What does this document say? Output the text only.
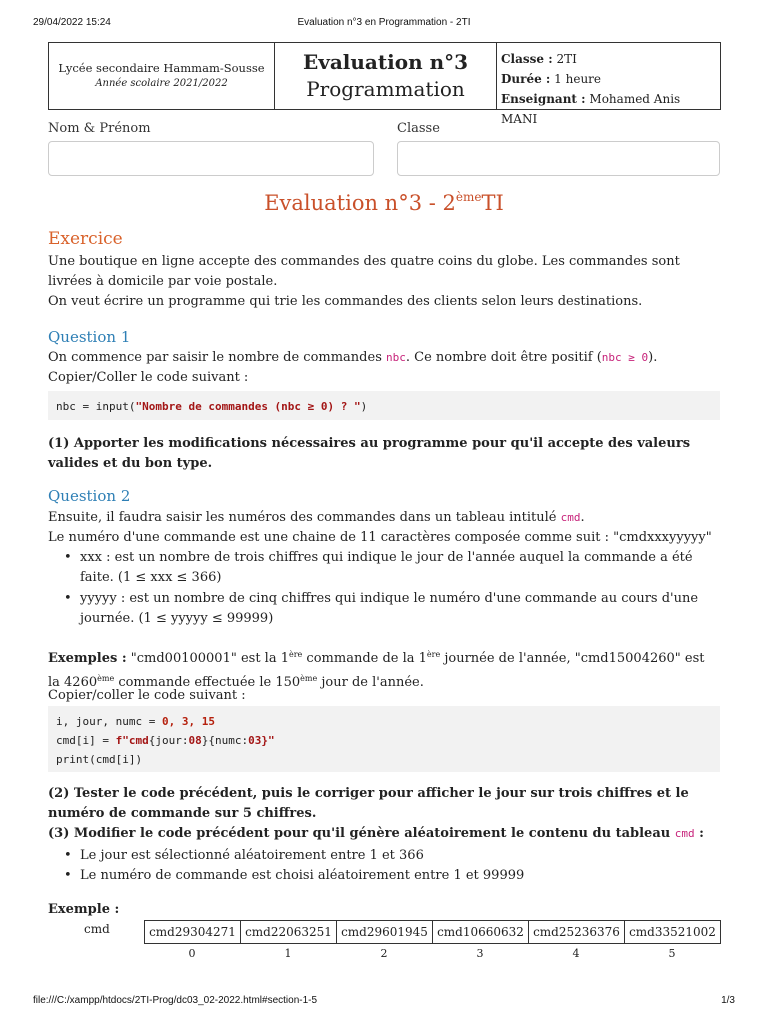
29/04/2022 15:24	Evaluation n°3 en Programmation - 2TI
Lycée secondaire Hammam-Sousse
Année scolaire 2021/2022
Evaluation n°3
Programmation
Classe : 2TI
Durée : 1 heure
Enseignant : Mohamed Anis MANI
Nom & Prénom	Classe
Evaluation n°3 - 2èmeTI
Exercice
Une boutique en ligne accepte des commandes des quatre coins du globe. Les commandes sont livrées à domicile par voie postale.
On veut écrire un programme qui trie les commandes des clients selon leurs destinations.
Question 1
On commence par saisir le nombre de commandes nbc. Ce nombre doit être positif (nbc ≥ 0).
Copier/Coller le code suivant :
nbc = input("Nombre de commandes (nbc ≥ 0) ? ")
(1) Apporter les modifications nécessaires au programme pour qu'il accepte des valeurs valides et du bon type.
Question 2
Ensuite, il faudra saisir les numéros des commandes dans un tableau intitulé cmd.
Le numéro d'une commande est une chaine de 11 caractères composée comme suit : "cmdxxxyyyyy"
• xxx : est un nombre de trois chiffres qui indique le jour de l'année auquel la commande a été faite. (1 ≤ xxx ≤ 366)
• yyyyy : est un nombre de cinq chiffres qui indique le numéro d'une commande au cours d'une journée. (1 ≤ yyyyy ≤ 99999)
Exemples : "cmd00100001" est la 1ère commande de la 1ère journée de l'année, "cmd15004260" est la 4260ème commande effectuée le 150ème jour de l'année.
Copier/coller le code suivant :
i, jour, numc = 0, 3, 15
cmd[i] = f"cmd{jour:08}{numc:03}"
print(cmd[i])
(2) Tester le code précédent, puis le corriger pour afficher le jour sur trois chiffres et le numéro de commande sur 5 chiffres.
(3) Modifier le code précédent pour qu'il génère aléatoirement le contenu du tableau cmd :
• Le jour est sélectionné aléatoirement entre 1 et 366
• Le numéro de commande est choisi aléatoirement entre 1 et 99999
Exemple :
cmd	cmd29304271	cmd22063251	cmd29601945	cmd10660632	cmd25236376	cmd33521002
0	1	2	3	4	5
file:///C:/xampp/htdocs/2TI-Prog/dc03_02-2022.html#section-1-5	1/3
